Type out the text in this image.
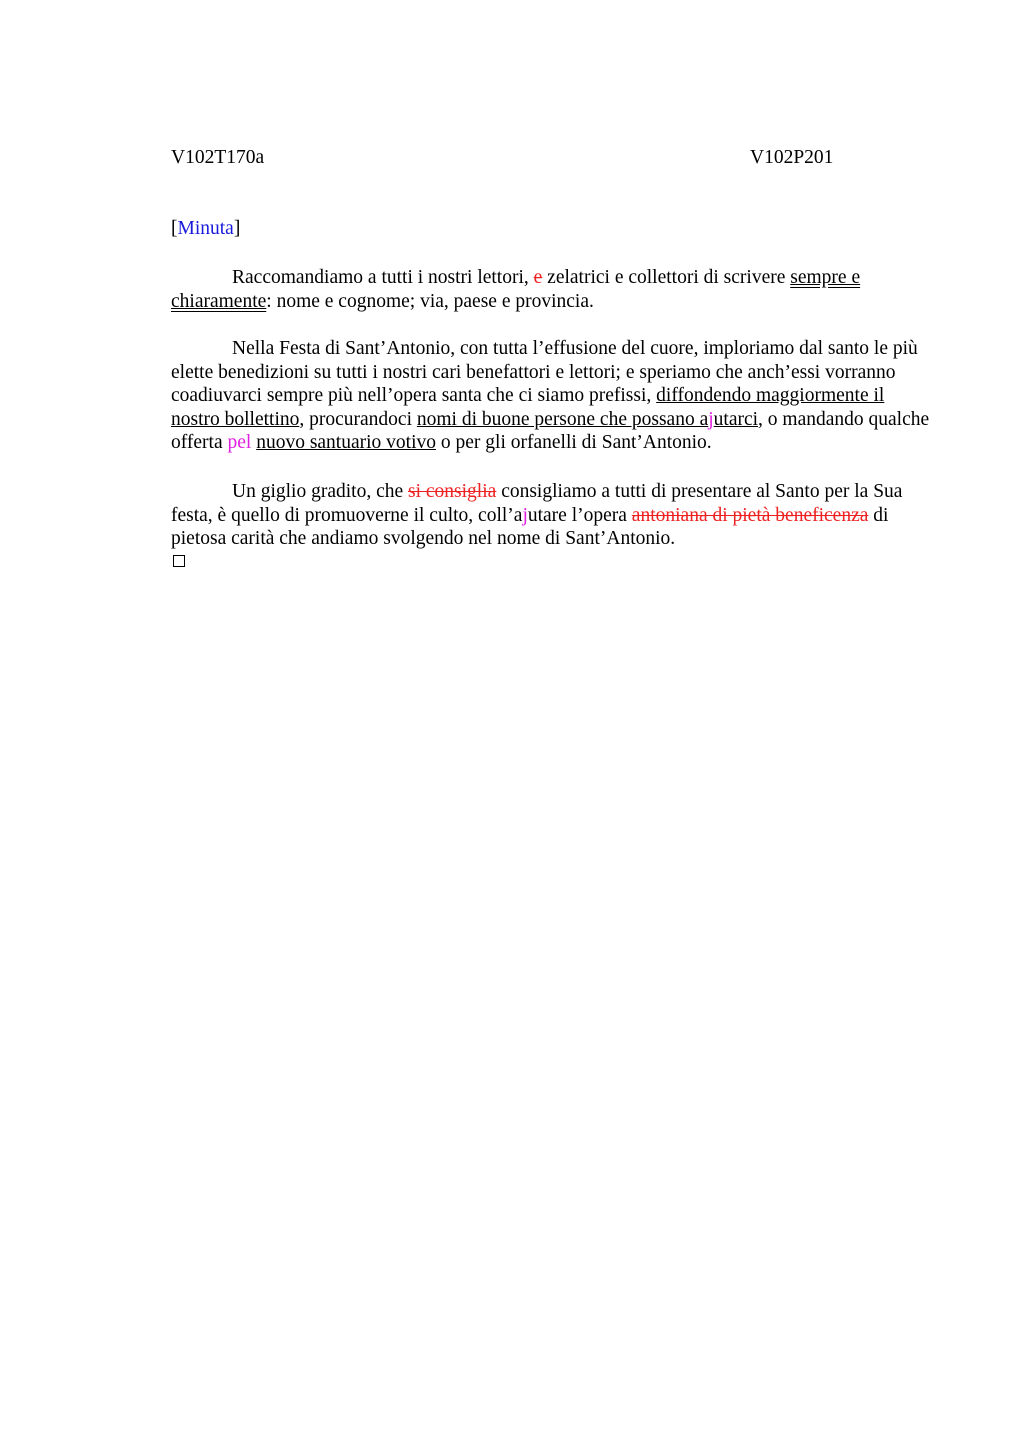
V102T170a	V102P201
[Minuta]

Raccomandiamo a tutti i nostri lettori, e zelatrici e collettori di scrivere sempre e chiaramente: nome e cognome; via, paese e provincia.

Nella Festa di Sant’Antonio, con tutta l’effusione del cuore, imploriamo dal santo le più elette benedizioni su tutti i nostri cari benefattori e lettori; e speriamo che anch’essi vorranno coadiuvarci sempre più nell’opera santa che ci siamo prefissi, diffondendo maggiormente il nostro bollettino, procurandoci nomi di buone persone che possano ajutarci, o mandando qualche offerta pel nuovo santuario votivo o per gli orfanelli di Sant’Antonio.

Un giglio gradito, che si consiglia consigliamo a tutti di presentare al Santo per la Sua festa, è quello di promuoverne il culto, coll’ajutare l’opera antoniana di pietà beneficenza di pietosa carità che andiamo svolgendo nel nome di Sant’Antonio.
